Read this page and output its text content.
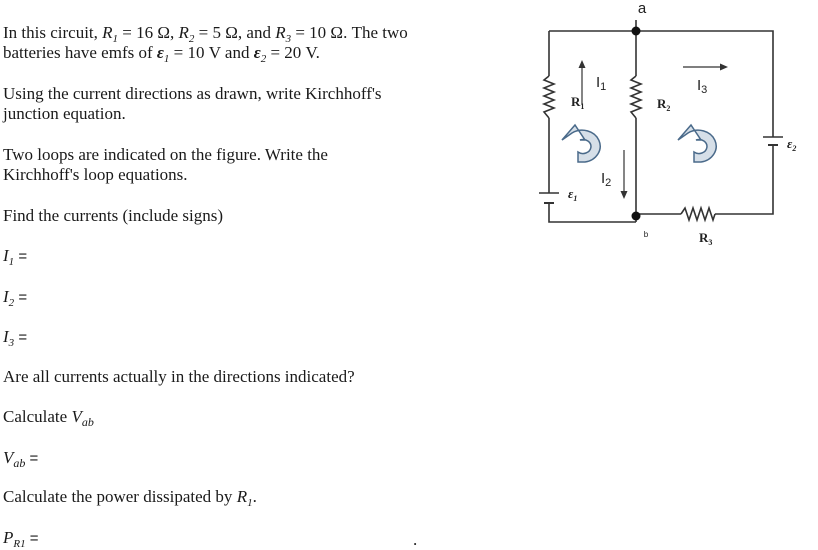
In this circuit, $R_1 = 16$ Ω, $R_2 = 5$ Ω, and $R_3 = 10$ Ω. The two
batteries have emfs of $\varepsilon_1 = 10$ V and $\varepsilon_2 = 20$ V.
Using the current directions as drawn, write Kirchhoff's
junction equation.
Two loops are indicated on the figure. Write the
Kirchhoff's loop equations.
Find the currents (include signs)
$I_1$ =
$I_2$ =
$I_3$ =
Are all currents actually in the directions indicated?
Calculate $V_{ab}$
$V_{ab}$ =
Calculate the power dissipated by $R_1$.
$P_{R1}$ =	.
a
b
$I_1$
$I_2$
$I_3$
$R_1$	$R_2$
$R_3$
$\varepsilon_1$
$\varepsilon_2$
